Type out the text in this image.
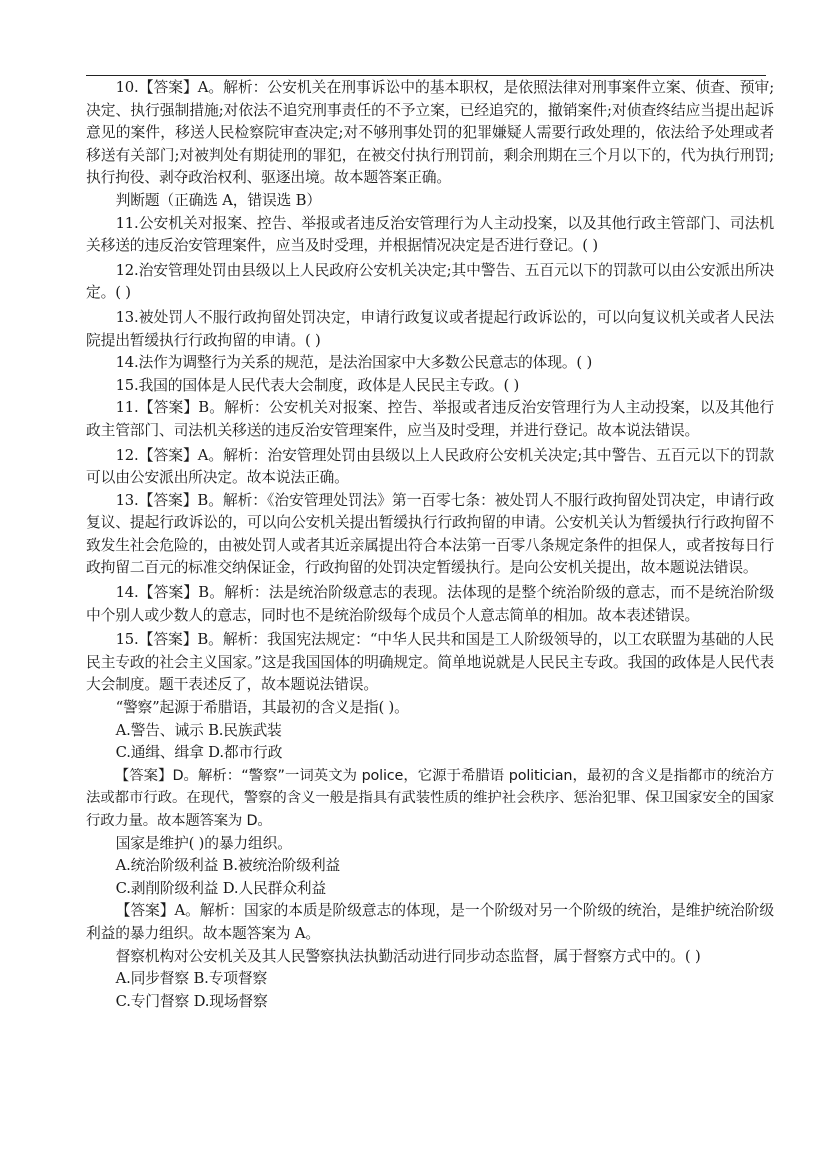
10.【答案】A。解析：公安机关在刑事诉讼中的基本职权，是依照法律对刑事案件立案、侦查、预审;决定、执行强制措施;对依法不追究刑事责任的不予立案，已经追究的，撤销案件;对侦查终结应当提出起诉意见的案件，移送人民检察院审查决定;对不够刑事处罚的犯罪嫌疑人需要行政处理的，依法给予处理或者移送有关部门;对被判处有期徒刑的罪犯，在被交付执行刑罚前，剩余刑期在三个月以下的，代为执行刑罚;执行拘役、剥夺政治权利、驱逐出境。故本题答案正确。

判断题（正确选 A，错误选 B）

11.公安机关对报案、控告、举报或者违反治安管理行为人主动投案，以及其他行政主管部门、司法机关移送的违反治安管理案件，应当及时受理，并根据情况决定是否进行登记。( )

12.治安管理处罚由县级以上人民政府公安机关决定;其中警告、五百元以下的罚款可以由公安派出所决定。( )

13.被处罚人不服行政拘留处罚决定，申请行政复议或者提起行政诉讼的，可以向复议机关或者人民法院提出暂缓执行行政拘留的申请。( )

14.法作为调整行为关系的规范，是法治国家中大多数公民意志的体现。( )

15.我国的国体是人民代表大会制度，政体是人民民主专政。( )

11.【答案】B。解析：公安机关对报案、控告、举报或者违反治安管理行为人主动投案，以及其他行政主管部门、司法机关移送的违反治安管理案件，应当及时受理，并进行登记。故本说法错误。

12.【答案】A。解析：治安管理处罚由县级以上人民政府公安机关决定;其中警告、五百元以下的罚款可以由公安派出所决定。故本说法正确。

13.【答案】B。解析：《治安管理处罚法》第一百零七条：被处罚人不服行政拘留处罚决定，申请行政复议、提起行政诉讼的，可以向公安机关提出暂缓执行行政拘留的申请。公安机关认为暂缓执行行政拘留不致发生社会危险的，由被处罚人或者其近亲属提出符合本法第一百零八条规定条件的担保人，或者按每日行政拘留二百元的标准交纳保证金，行政拘留的处罚决定暂缓执行。是向公安机关提出，故本题说法错误。

14.【答案】B。解析：法是统治阶级意志的表现。法体现的是整个统治阶级的意志，而不是统治阶级中个别人或少数人的意志，同时也不是统治阶级每个成员个人意志简单的相加。故本表述错误。

15.【答案】B。解析：我国宪法规定：“中华人民共和国是工人阶级领导的，以工农联盟为基础的人民民主专政的社会主义国家。”这是我国国体的明确规定。简单地说就是人民民主专政。我国的政体是人民代表大会制度。题干表述反了，故本题说法错误。

“警察”起源于希腊语，其最初的含义是指( )。

A.警告、诫示 B.民族武装

C.通缉、缉拿 D.都市行政

【答案】D。解析：“警察”一词英文为 police，它源于希腊语 politician，最初的含义是指都市的统治方法或都市行政。在现代，警察的含义一般是指具有武装性质的维护社会秩序、惩治犯罪、保卫国家安全的国家行政力量。故本题答案为 D。

国家是维护( )的暴力组织。

A.统治阶级利益 B.被统治阶级利益

C.剥削阶级利益 D.人民群众利益

【答案】A。解析：国家的本质是阶级意志的体现，是一个阶级对另一个阶级的统治，是维护统治阶级利益的暴力组织。故本题答案为 A。

督察机构对公安机关及其人民警察执法执勤活动进行同步动态监督，属于督察方式中的。( )

A.同步督察 B.专项督察

C.专门督察 D.现场督察
